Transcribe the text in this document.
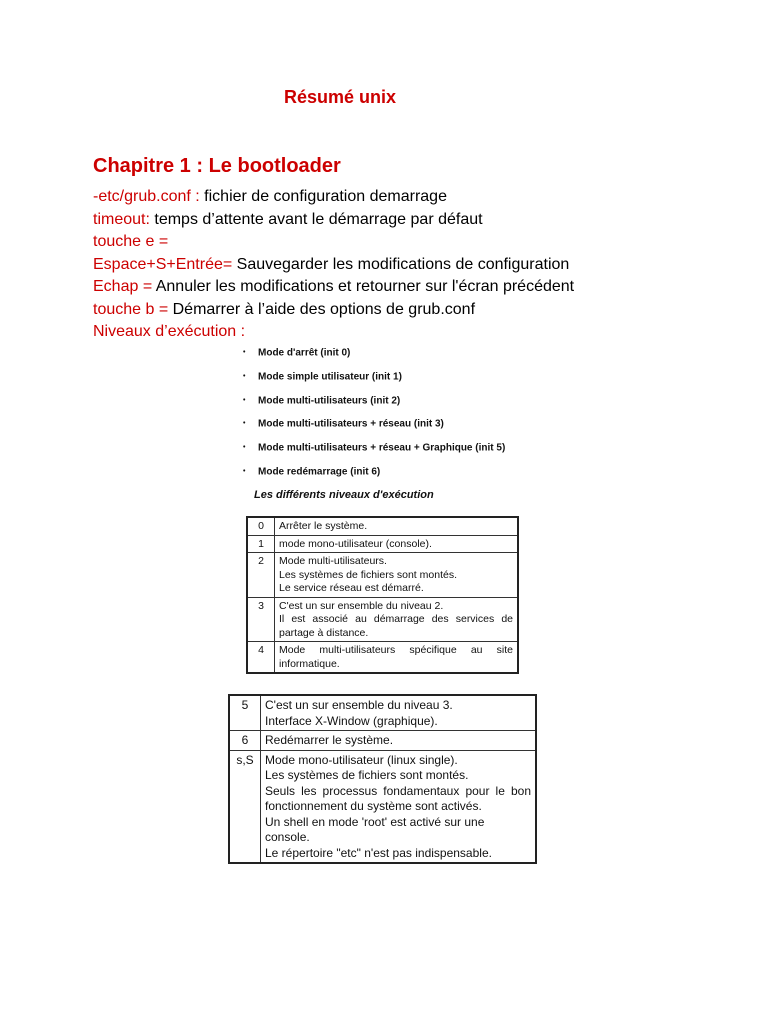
Résumé unix
Chapitre 1 : Le bootloader
-etc/grub.conf : fichier de configuration demarrage
timeout: temps d’attente avant le démarrage par défaut
touche e =
Espace+S+Entrée= Sauvegarder les modifications de configuration
Echap = Annuler les modifications et retourner sur l'écran précédent
touche b = Démarrer à l’aide des options de grub.conf
Niveaux d’exécution :
• Mode d'arrêt (init 0)
• Mode simple utilisateur (init 1)
• Mode multi-utilisateurs (init 2)
• Mode multi-utilisateurs + réseau (init 3)
• Mode multi-utilisateurs + réseau + Graphique (init 5)
• Mode redémarrage (init 6)
Les différents niveaux d'exécution
0	Arrêter le système.

1	mode mono-utilisateur (console).

2	Mode multi-utilisateurs.

Les systèmes de fichiers sont montés.

Le service réseau est démarré.

3	C'est un sur ensemble du niveau 2.

Il est associé au démarrage des services de partage à distance.

4	Mode multi-utilisateurs spécifique au site informatique.

5	C'est un sur ensemble du niveau 3.

Interface X-Window (graphique).

6	Redémarrer le système.

s,S	Mode mono-utilisateur (linux single).

Les systèmes de fichiers sont montés.

Seuls les processus fondamentaux pour le bon fonctionnement du système sont activés.

Un shell en mode 'root' est activé sur une console.

Le répertoire "etc" n'est pas indispensable.
